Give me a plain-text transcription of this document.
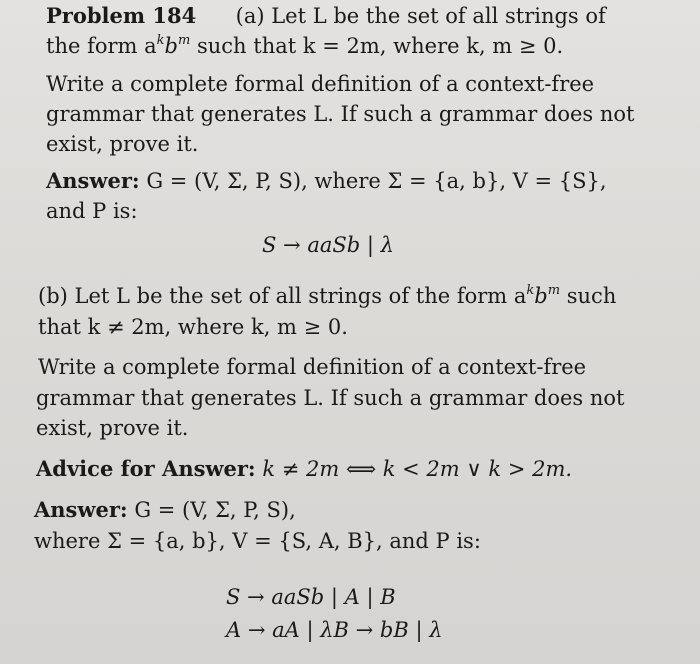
Problem 184 (a) Let L be the set of all strings of
the form $a^kb^m$ such that k = 2m, where k, m ≥ 0.
Write a complete formal definition of a context-free
grammar that generates L. If such a grammar does not
exist, prove it.
Answer: G = (V, Σ, P, S), where Σ = {a, b}, V = {S},
and P is:
S → aaSb | λ
(b) Let L be the set of all strings of the form $a^kb^m$ such
that k ≠ 2m, where k, m ≥ 0.
Write a complete formal definition of a context-free
grammar that generates L. If such a grammar does not
exist, prove it.
Advice for Answer: k ≠ 2m ⟺ k < 2m ∨ k > 2m.
Answer: G = (V, Σ, P, S),
where Σ = {a, b}, V = {S, A, B}, and P is:
S → aaSb | A | B
A → aA | λB → bB | λ
